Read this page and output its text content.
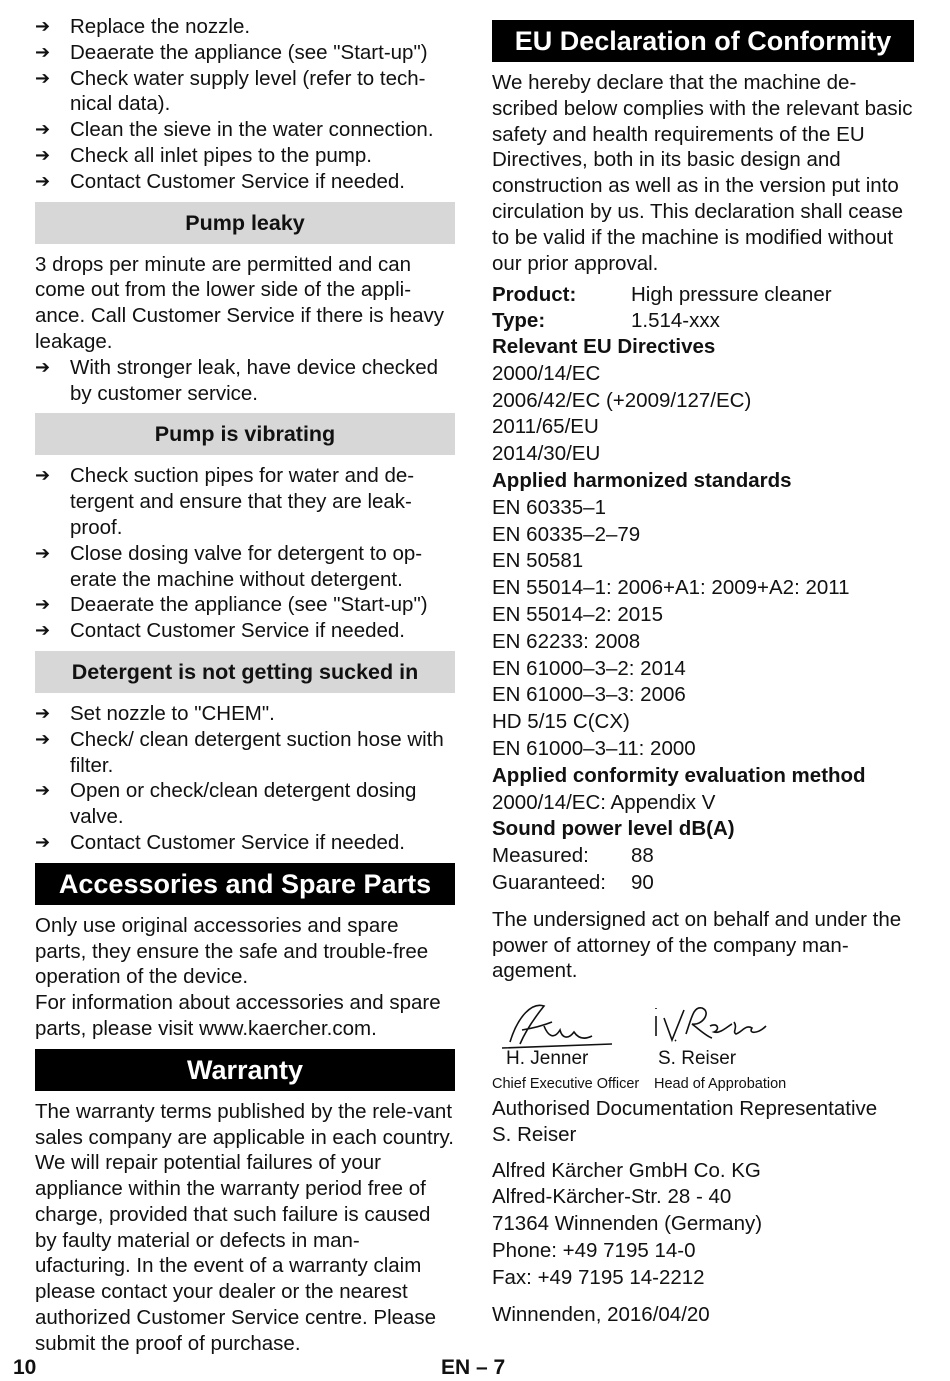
➔ Replace the nozzle.
➔ Deaerate the appliance (see "Start-up")
➔ Check water supply level (refer to tech-
nical data).
➔ Clean the sieve in the water connection.
➔ Check all inlet pipes to the pump.
➔ Contact Customer Service if needed.
Pump leaky

3 drops per minute are permitted and can come out from the lower side of the appli-ance. Call Customer Service if there is heavy leakage.

➔ With stronger leak, have device checked by customer service.
Pump is vibrating
➔ Check suction pipes for water and de-tergent and ensure that they are leak-proof.
➔ Close dosing valve for detergent to op-erate the machine without detergent.
➔ Deaerate the appliance (see "Start-up")
➔ Contact Customer Service if needed.
Detergent is not getting sucked in
➔ Set nozzle to "CHEM".
➔ Check/ clean detergent suction hose with filter.
➔ Open or check/clean detergent dosing valve.
➔ Contact Customer Service if needed.
Accessories and Spare Parts

Only use original accessories and spare parts, they ensure the safe and trouble-free operation of the device.

For information about accessories and spare parts, please visit www.kaercher.com.

Warranty

The warranty terms published by the rele-vant sales company are applicable in each country. We will repair potential failures of your appliance within the warranty period free of charge, provided that such failure is caused by faulty material or defects in man-ufacturing. In the event of a warranty claim please contact your dealer or the nearest authorized Customer Service centre. Please submit the proof of purchase.

EU Declaration of Conformity

We hereby declare that the machine de-scribed below complies with the relevant basic safety and health requirements of the EU Directives, both in its basic design and construction as well as in the version put into circulation by us. This declaration shall cease to be valid if the machine is modified without our prior approval.

Product:	High pressure cleaner
Type:	1.514-xxx

Relevant EU Directives

2000/14/EC

2006/42/EC (+2009/127/EC)

2011/65/EU

2014/30/EU

Applied harmonized standards

EN 60335–1

EN 60335–2–79

EN 50581

EN 55014–1: 2006+A1: 2009+A2: 2011

EN 55014–2: 2015

EN 62233: 2008

EN 61000–3–2: 2014

EN 61000–3–3: 2006

HD 5/15 C(CX)

EN 61000–3–11: 2000

Applied conformity evaluation method

2000/14/EC: Appendix V

Sound power level dB(A)

Measured:	88
Guaranteed:	90

The undersigned act on behalf and under the power of attorney of the company man-agement.

H. Jenner
Chief Executive Officer
S. Reiser
Head of Approbation

Authorised Documentation Representative

S. Reiser

Alfred Kärcher GmbH Co. KG

Alfred-Kärcher-Str. 28 - 40

71364 Winnenden (Germany)

Phone: +49 7195 14-0

Fax: +49 7195 14-2212

Winnenden, 2016/04/20

10	EN – 7
